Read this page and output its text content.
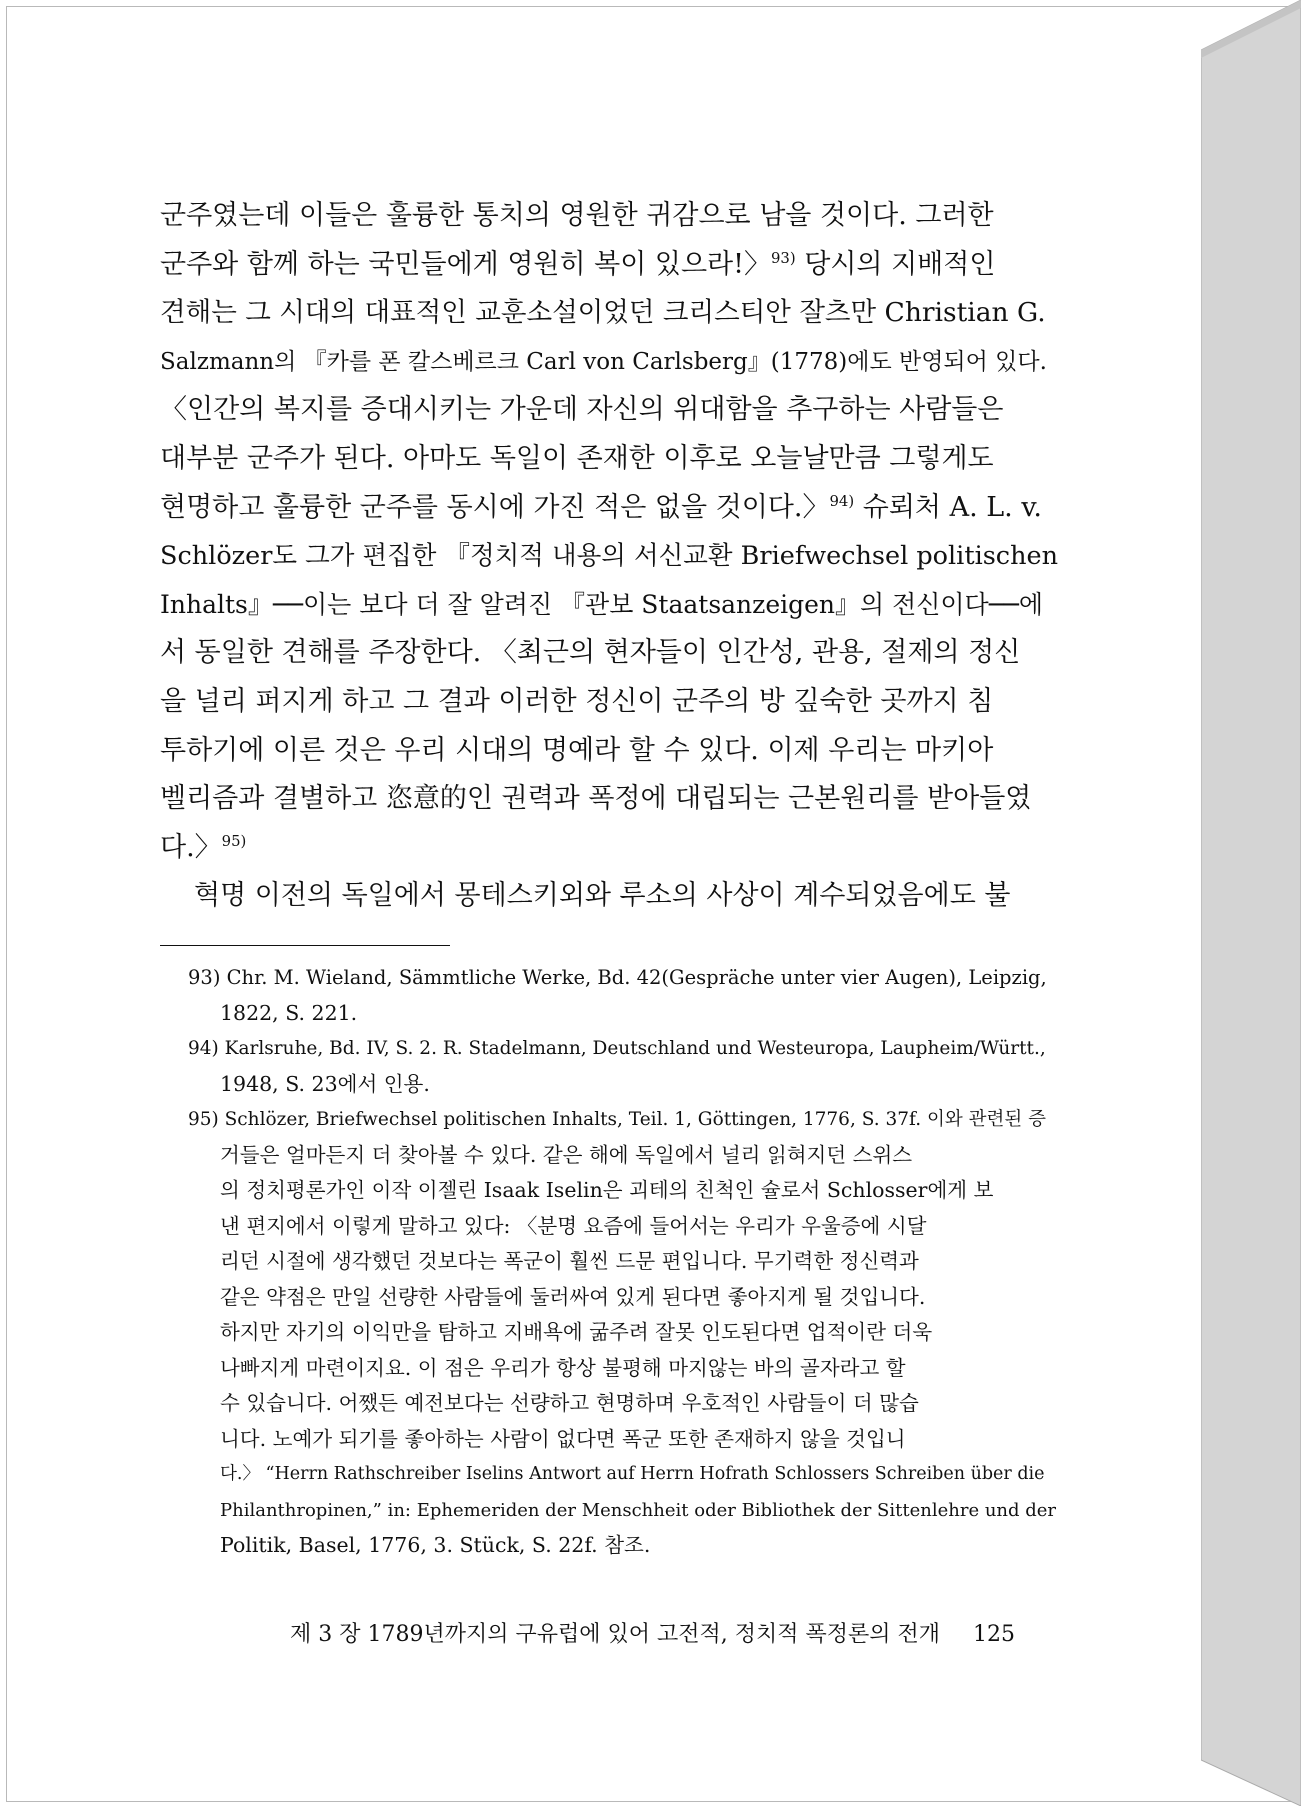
군주였는데 이들은 훌륭한 통치의 영원한 귀감으로 남을 것이다. 그러한

군주와 함께 하는 국민들에게 영원히 복이 있으라!〉$^{93)}$ 당시의 지배적인

견해는 그 시대의 대표적인 교훈소설이었던 크리스티안 잘츠만 Christian G.

Salzmann의 『카를 폰 칼스베르크 Carl von Carlsberg』(1778)에도 반영되어 있다.

〈인간의 복지를 증대시키는 가운데 자신의 위대함을 추구하는 사람들은

대부분 군주가 된다. 아마도 독일이 존재한 이후로 오늘날만큼 그렇게도

현명하고 훌륭한 군주를 동시에 가진 적은 없을 것이다.〉$^{94)}$ 슈뢰처 A. L. v.

Schlözer도 그가 편집한 『정치적 내용의 서신교환 Briefwechsel politischen

Inhalts』──이는 보다 더 잘 알려진 『관보 Staatsanzeigen』의 전신이다──에

서 동일한 견해를 주장한다. 〈최근의 현자들이 인간성, 관용, 절제의 정신

을 널리 퍼지게 하고 그 결과 이러한 정신이 군주의 방 깊숙한 곳까지 침

투하기에 이른 것은 우리 시대의 명예라 할 수 있다. 이제 우리는 마키아

벨리즘과 결별하고 恣意的인 권력과 폭정에 대립되는 근본원리를 받아들였

다.〉$^{95)}$

혁명 이전의 독일에서 몽테스키외와 루소의 사상이 계수되었음에도 불

93) Chr. M. Wieland, Sämmtliche Werke, Bd. 42(Gespräche unter vier Augen), Leipzig,

1822, S. 221.

94) Karlsruhe, Bd. IV, S. 2. R. Stadelmann, Deutschland und Westeuropa, Laupheim/Württ.,

1948, S. 23에서 인용.

95) Schlözer, Briefwechsel politischen Inhalts, Teil. 1, Göttingen, 1776, S. 37f. 이와 관련된 증

거들은 얼마든지 더 찾아볼 수 있다. 같은 해에 독일에서 널리 읽혀지던 스위스

의 정치평론가인 이작 이젤린 Isaak Iselin은 괴테의 친척인 슐로서 Schlosser에게 보

낸 편지에서 이렇게 말하고 있다: 〈분명 요즘에 들어서는 우리가 우울증에 시달

리던 시절에 생각했던 것보다는 폭군이 훨씬 드문 편입니다. 무기력한 정신력과

같은 약점은 만일 선량한 사람들에 둘러싸여 있게 된다면 좋아지게 될 것입니다.

하지만 자기의 이익만을 탐하고 지배욕에 굶주려 잘못 인도된다면 업적이란 더욱

나빠지게 마련이지요. 이 점은 우리가 항상 불평해 마지않는 바의 골자라고 할

수 있습니다. 어쨌든 예전보다는 선량하고 현명하며 우호적인 사람들이 더 많습

니다. 노예가 되기를 좋아하는 사람이 없다면 폭군 또한 존재하지 않을 것입니

다.〉 “Herrn Rathschreiber Iselins Antwort auf Herrn Hofrath Schlossers Schreiben über die

Philanthropinen,” in: Ephemeriden der Menschheit oder Bibliothek der Sittenlehre und der

Politik, Basel, 1776, 3. Stück, S. 22f. 참조.

제 3 장 1789년까지의 구유럽에 있어 고전적, 정치적 폭정론의 전개 125
